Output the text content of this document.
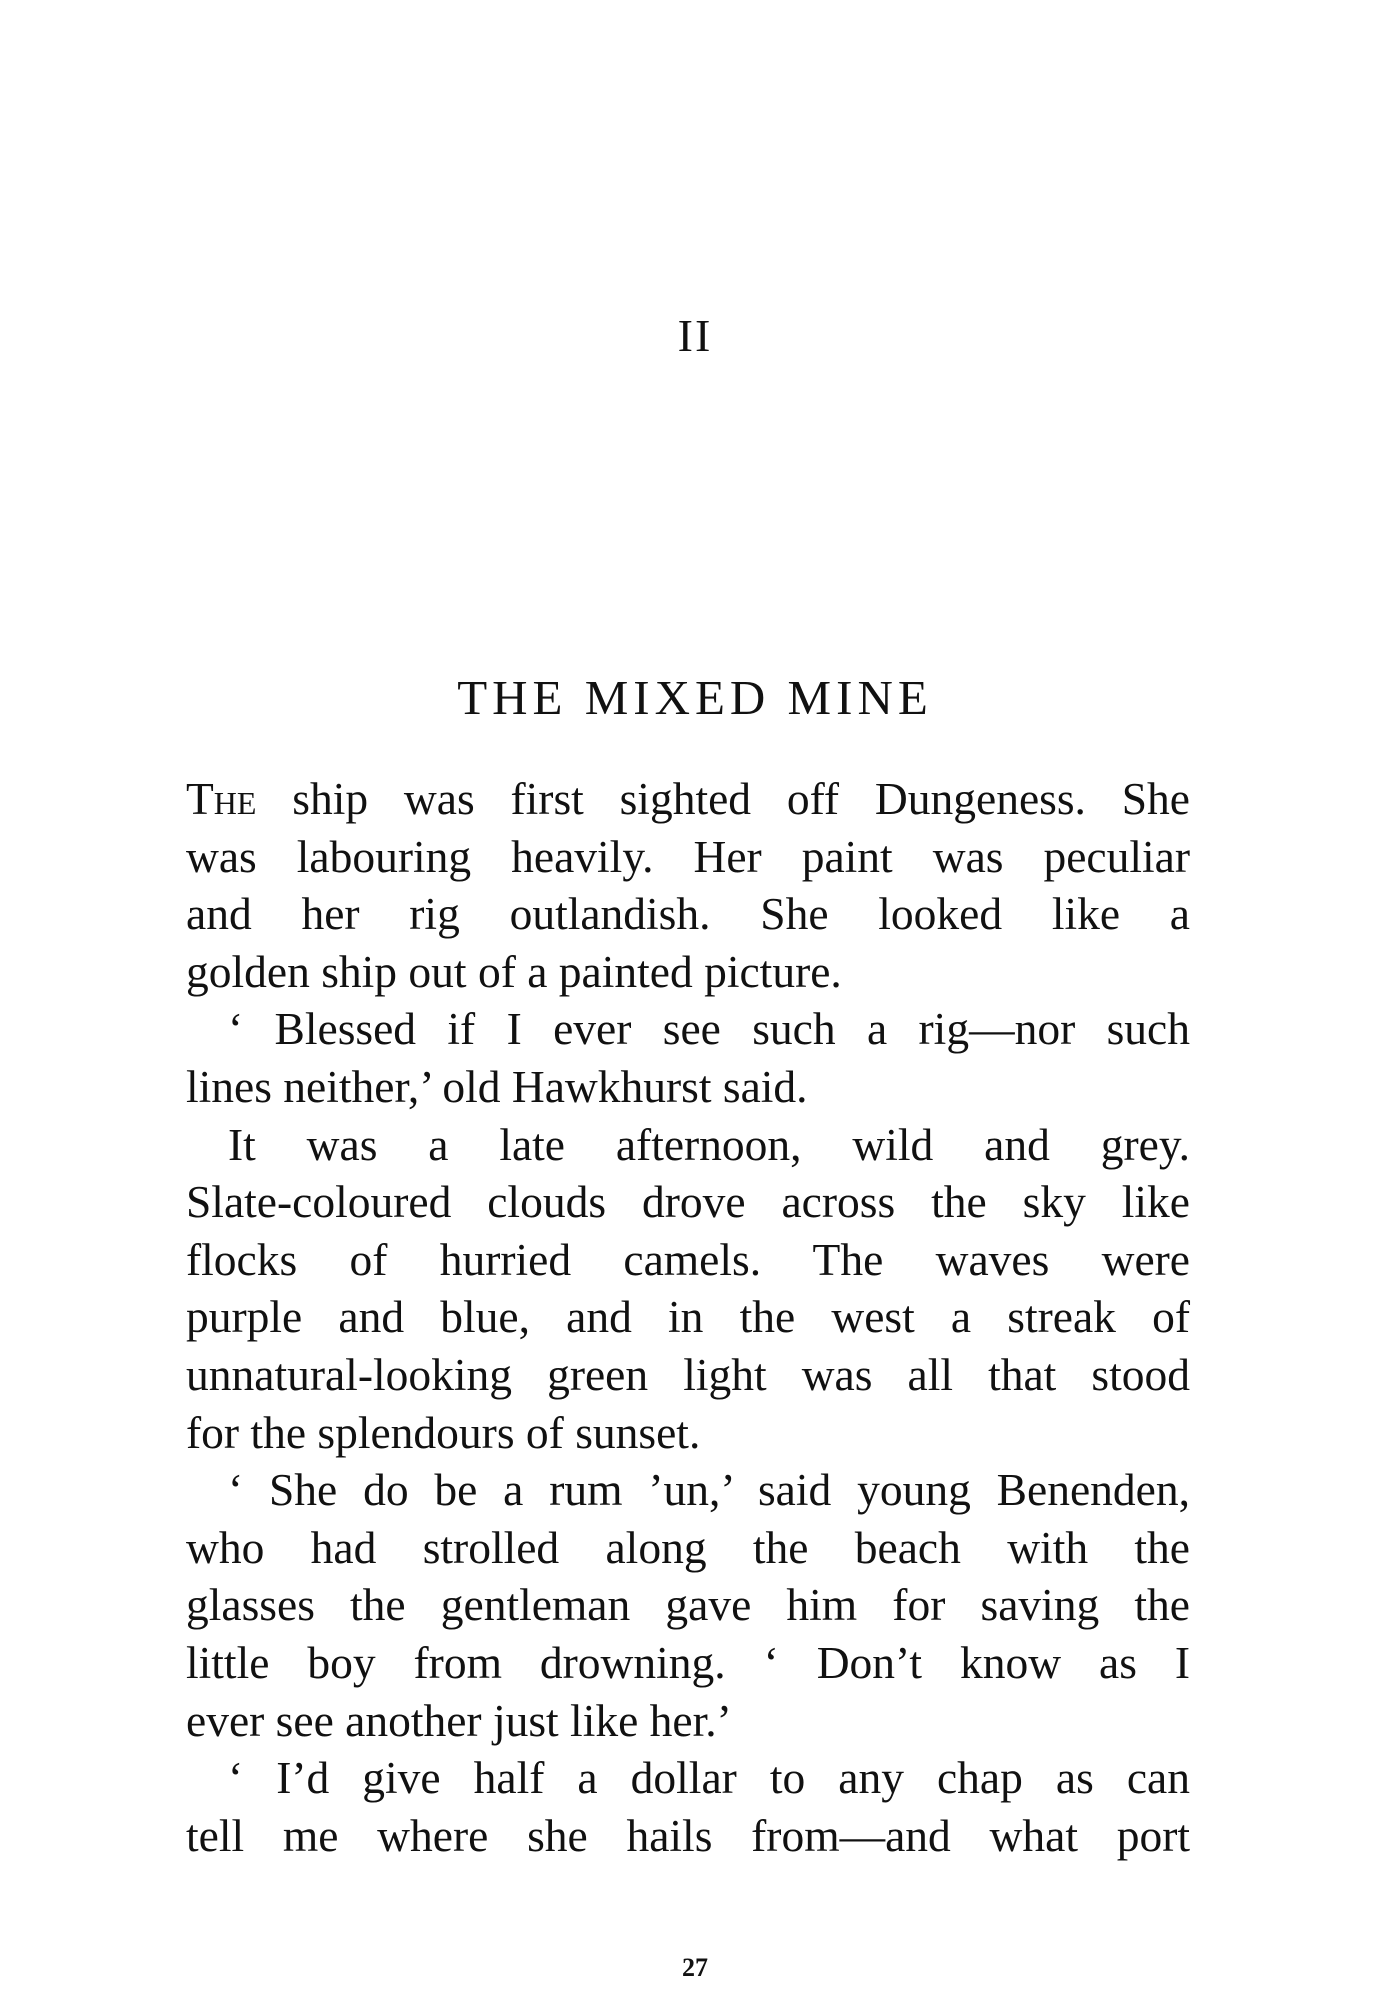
II
THE MIXED MINE
The ship was first sighted off Dungeness. She
was labouring heavily. Her paint was peculiar
and her rig outlandish. She looked like a
golden ship out of a painted picture.
‘ Blessed if I ever see such a rig—nor such
lines neither,’ old Hawkhurst said.
It was a late afternoon, wild and grey.
Slate-coloured clouds drove across the sky like
flocks of hurried camels. The waves were
purple and blue, and in the west a streak of
unnatural-looking green light was all that stood
for the splendours of sunset.
‘ She do be a rum ’un,’ said young Benenden,
who had strolled along the beach with the
glasses the gentleman gave him for saving the
little boy from drowning. ‘ Don’t know as I
ever see another just like her.’
‘ I’d give half a dollar to any chap as can
tell me where she hails from—and what port
27
